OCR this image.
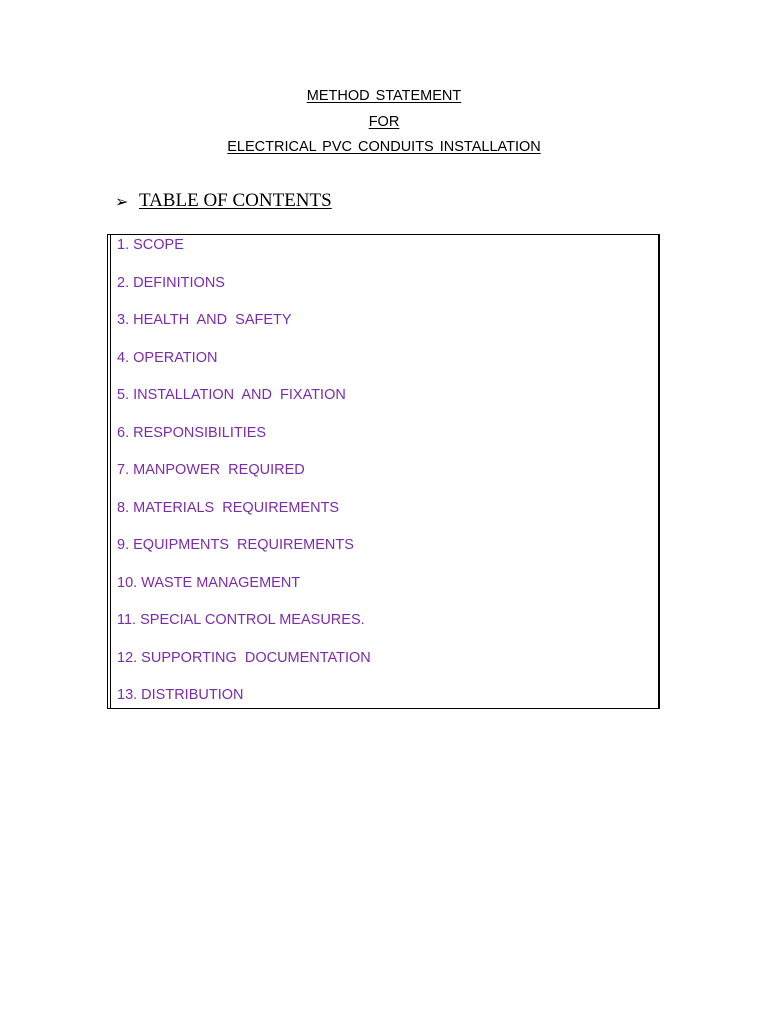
METHOD STATEMENT

FOR

ELECTRICAL PVC CONDUITS INSTALLATION

➢ TABLE OF CONTENTS
1. SCOPE
2. DEFINITIONS
3. HEALTH  AND  SAFETY
4. OPERATION
5. INSTALLATION  AND  FIXATION
6. RESPONSIBILITIES
7. MANPOWER  REQUIRED
8. MATERIALS  REQUIREMENTS
9. EQUIPMENTS  REQUIREMENTS
10. WASTE MANAGEMENT
11. SPECIAL CONTROL MEASURES.
12. SUPPORTING  DOCUMENTATION
13. DISTRIBUTION
